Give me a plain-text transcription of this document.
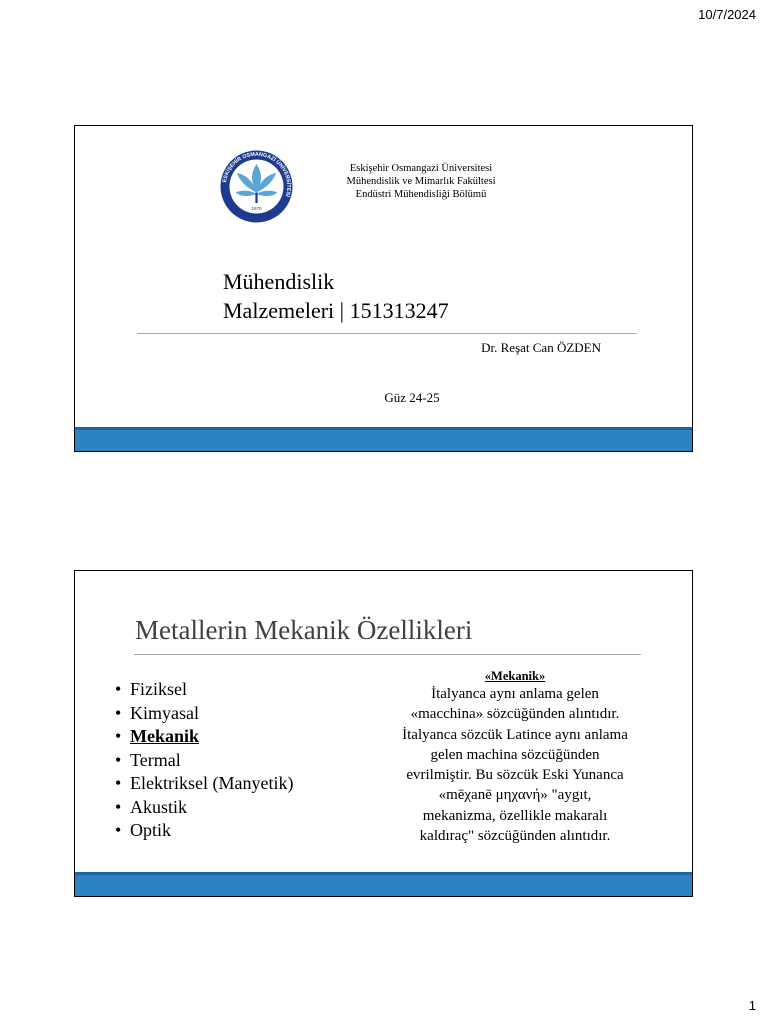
10/7/2024
ESKİŞEHİR OSMANGAZİ ÜNİVERSİTESİ
1970
Eskişehir Osmangazi Üniversitesi
Mühendislik ve Mimarlık Fakültesi
Endüstri Mühendisliği Bölümü
Mühendislik
Malzemeleri | 151313247
Dr. Reşat Can ÖZDEN
Güz 24-25
Metallerin Mekanik Özellikleri
• Fiziksel
• Kimyasal
• Mekanik
• Termal
• Elektriksel (Manyetik)
• Akustik
• Optik
«Mekanik»
İtalyanca aynı anlama gelen
«macchina» sözcüğünden alıntıdır.
İtalyanca sözcük Latince aynı anlama
gelen machina sözcüğünden
evrilmiştir. Bu sözcük Eski Yunanca
«mēχanē μηχανή» "aygıt,
mekanizma, özellikle makaralı
kaldıraç" sözcüğünden alıntıdır.
1
